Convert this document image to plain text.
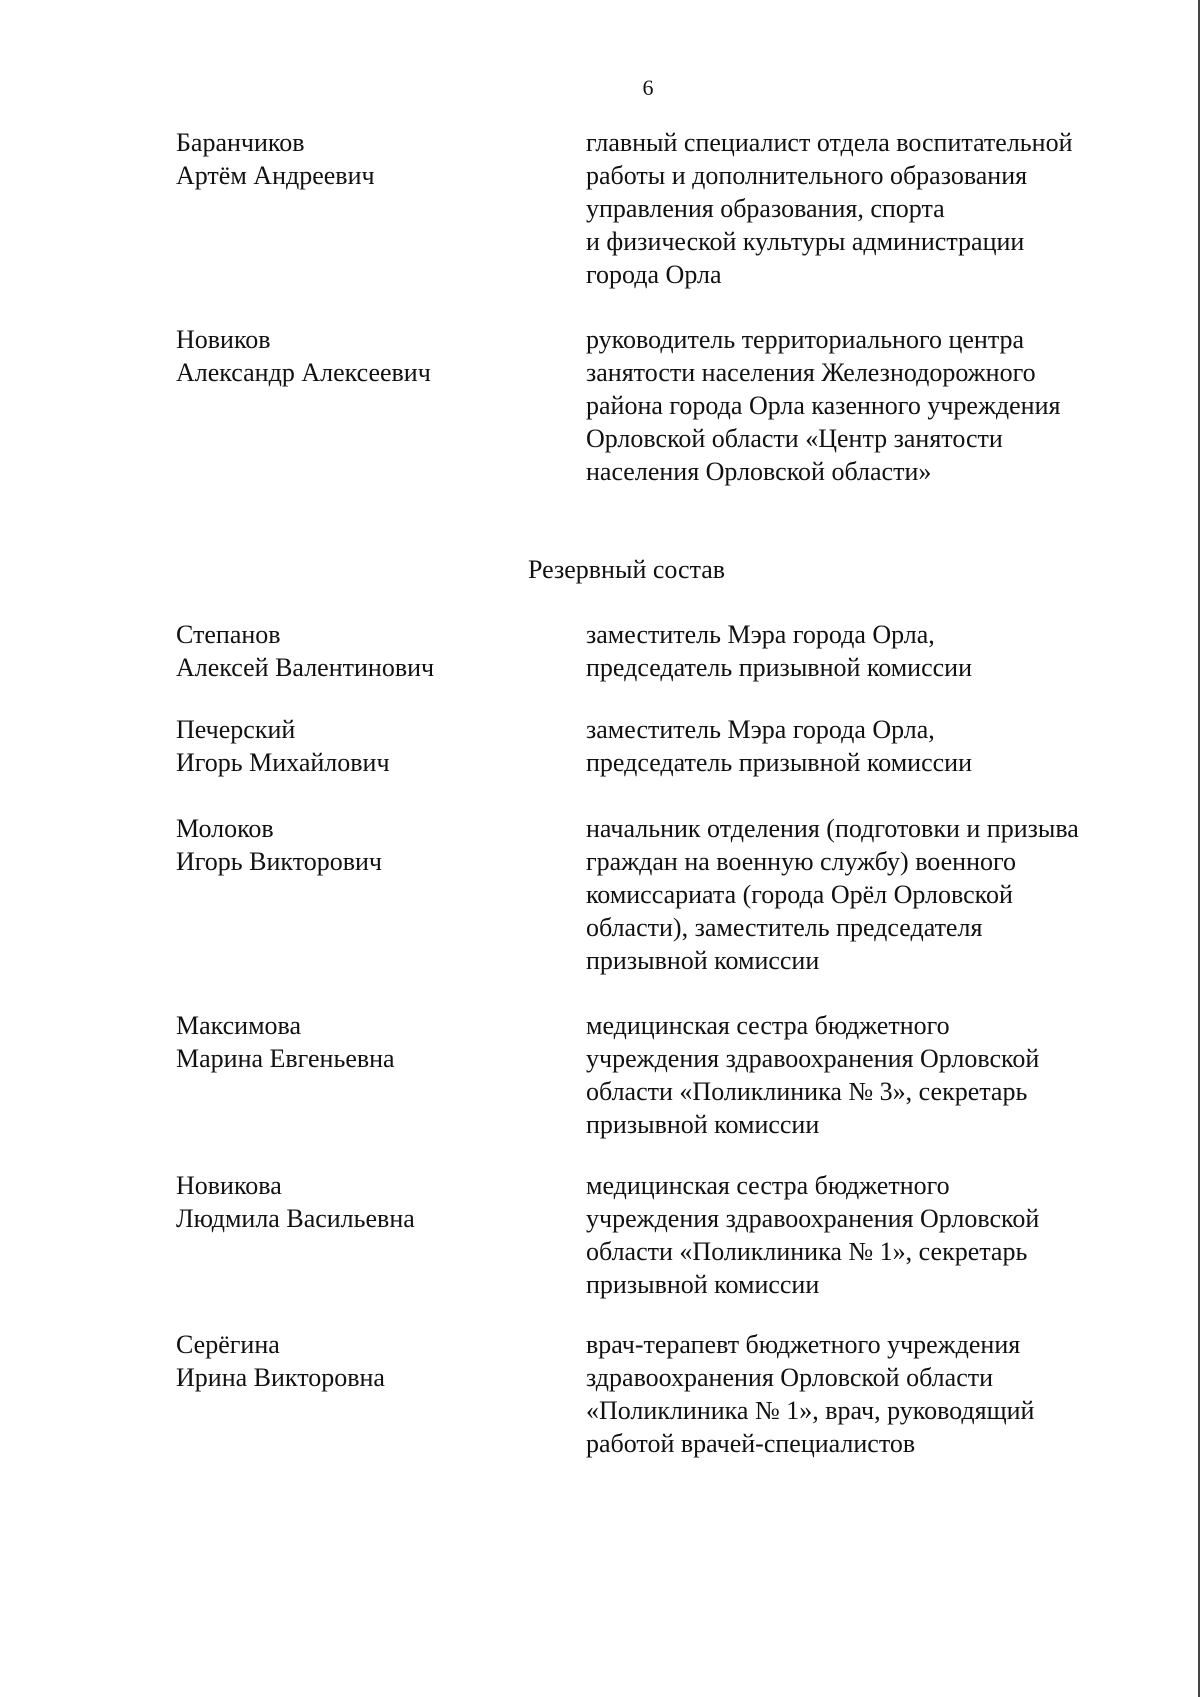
6
Баранчиков
Артём Андреевич
главный специалист отдела воспитательной
работы и дополнительного образования
управления образования, спорта
и физической культуры администрации
города Орла
Новиков
Александр Алексеевич
руководитель территориального центра
занятости населения Железнодорожного
района города Орла казенного учреждения
Орловской области «Центр занятости
населения Орловской области»
Резервный состав
Степанов
Алексей Валентинович
заместитель Мэра города Орла,
председатель призывной комиссии
Печерский
Игорь Михайлович
заместитель Мэра города Орла,
председатель призывной комиссии
Молоков
Игорь Викторович
начальник отделения (подготовки и призыва
граждан на военную службу) военного
комиссариата (города Орёл Орловской
области), заместитель председателя
призывной комиссии
Максимова
Марина Евгеньевна
медицинская сестра бюджетного
учреждения здравоохранения Орловской
области «Поликлиника № 3», секретарь
призывной комиссии
Новикова
Людмила Васильевна
медицинская сестра бюджетного
учреждения здравоохранения Орловской
области «Поликлиника № 1», секретарь
призывной комиссии
Серёгина
Ирина Викторовна
врач-терапевт бюджетного учреждения
здравоохранения Орловской области
«Поликлиника № 1», врач, руководящий
работой врачей-специалистов
